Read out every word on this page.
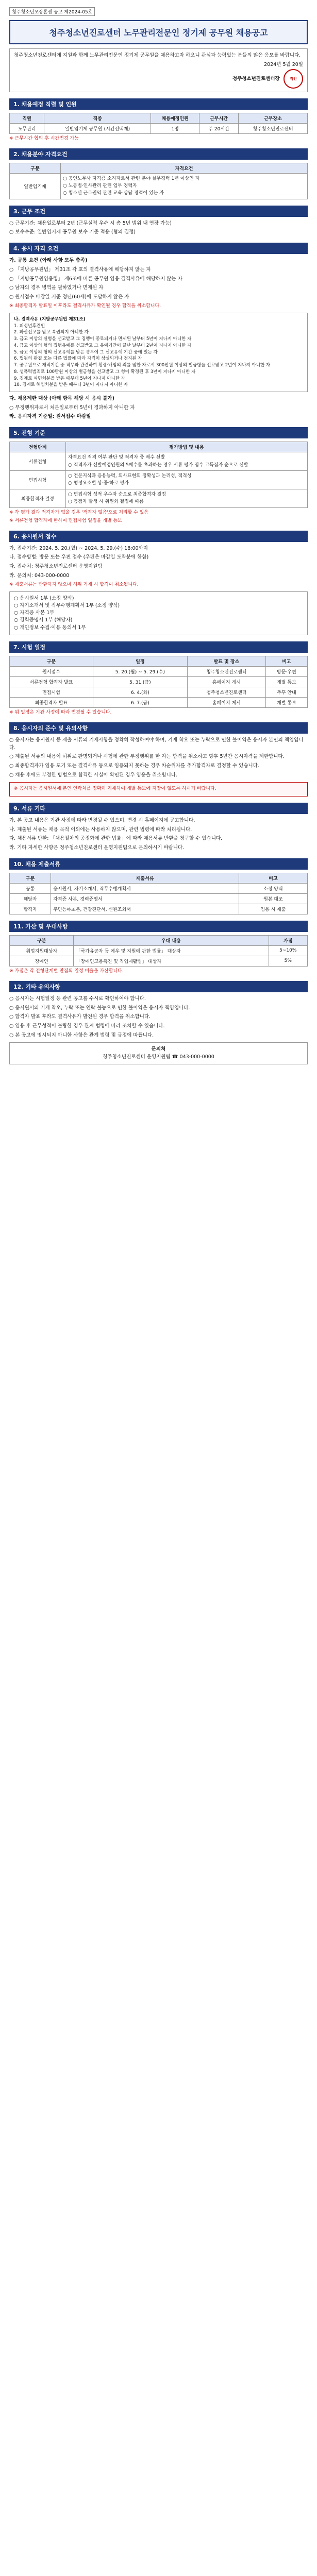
청주청소년오장론센 공고 제2024-05호
청주청소년진로센터 노무관리전문인 정기제 공무원 채용공고
청주청소년진로센터에 지원과 함께 노무관리전문인 정기제 공무원을 채용하고자 하오니 관심과 능력있는 분들의 많은 응모를 바랍니다.
2024년 5월 20일
청주청소년진로센터장	직인
1. 채용예정 직렬 및 인원
직렬	직종	채용예정인원	근무시간	근무장소
노무관리	일반임기제 공무원 (시간선택제)	1명	주 20시간	청주청소년진로센터
※ 근무시간 협의 후 시간변경 가능
2. 채용분야 자격요건
구분	자격요건
일반임기제	○ 공인노무사 자격증 소지자로서 관련 분야 실무경력 1년 이상인 자
○ 노동법·인사관리 관련 업무 경력자
○ 청소년 근로권익 관련 교육·상담 경력이 있는 자
3. 근무 조건
○ 근무기간: 채용일로부터 2년 (근무실적 우수 시 총 5년 범위 내 연장 가능)
○ 보수수준: 일반임기제 공무원 보수 기준 적용 (협의 결정)
4. 응시 자격 요건
가. 공통 요건 (아래 사항 모두 충족)
○ 「지방공무원법」 제31조 각 호의 결격사유에 해당하지 않는 자
○ 「지방공무원임용령」 제6조에 따른 공무원 임용 결격사유에 해당하지 않는 자
○ 남자의 경우 병역을 필하였거나 면제된 자
○ 원서접수 마감일 기준 정년(60세)에 도달하지 않은 자
※ 최종합격자 발표일 이후라도 결격사유가 확인될 경우 합격을 취소합니다.
나. 결격사유 (지방공무원법 제31조)
1. 피성년후견인
2. 파산선고를 받고 복권되지 아니한 자
3. 금고 이상의 실형을 선고받고 그 집행이 종료되거나 면제된 날부터 5년이 지나지 아니한 자
4. 금고 이상의 형의 집행유예를 선고받고 그 유예기간이 끝난 날부터 2년이 지나지 아니한 자
5. 금고 이상의 형의 선고유예를 받은 경우에 그 선고유예 기간 중에 있는 자
6. 법원의 판결 또는 다른 법률에 따라 자격이 상실되거나 정지된 자
7. 공무원으로 재직기간 중 직무와 관련하여 횡령·배임의 죄를 범한 자로서 300만원 이상의 벌금형을 선고받고 2년이 지나지 아니한 자
8. 성폭력범죄로 100만원 이상의 벌금형을 선고받고 그 형이 확정된 후 3년이 지나지 아니한 자
9. 징계로 파면처분을 받은 때부터 5년이 지나지 아니한 자
10. 징계로 해임처분을 받은 때부터 3년이 지나지 아니한 자
다. 채용제한 대상 (아래 항목 해당 시 응시 불가)
○ 부정행위자로서 처분일로부터 5년이 경과하지 아니한 자
라. 응시자격 기준일: 원서접수 마감일
5. 전형 기준
전형단계	평가방법 및 내용
서류전형	자격요건 적격 여부 판단 및 적격자 중 배수 선발
○ 적격자가 선발예정인원의 5배수를 초과하는 경우 서류 평가 점수 고득점자 순으로 선발
면접시험	○ 전문지식과 응용능력, 의사표현의 정확성과 논리성, 적격성
○ 평정요소별 상·중·하로 평가
최종합격자 결정	○ 면접시험 성적 우수자 순으로 최종합격자 결정
○ 동점자 발생 시 위원회 결정에 따름
※ 각 평가 결과 적격자가 없을 경우 '적격자 없음'으로 처리할 수 있음
※ 서류전형 합격자에 한하여 면접시험 일정을 개별 통보
6. 응시원서 접수
가. 접수기간: 2024. 5. 20.(월) ~ 2024. 5. 29.(수) 18:00까지
나. 접수방법: 방문 또는 우편 접수 (우편은 마감일 도착분에 한함)
다. 접수처: 청주청소년진로센터 운영지원팀
라. 문의처: 043-000-0000
※ 제출서류는 반환하지 않으며 허위 기재 시 합격이 취소됩니다.
○ 응시원서 1부 (소정 양식)
○ 자기소개서 및 직무수행계획서 1부 (소정 양식)
○ 자격증 사본 1부
○ 경력증명서 1부 (해당자)
○ 개인정보 수집·이용 동의서 1부
7. 시험 일정
구분	일정	발표 및 장소	비고
원서접수	5. 20.(월) ~ 5. 29.(수)	청주청소년진로센터	방문·우편
서류전형 합격자 발표	5. 31.(금)	홈페이지 게시	개별 통보
면접시험	6. 4.(화)	청주청소년진로센터	추후 안내
최종합격자 발표	6. 7.(금)	홈페이지 게시	개별 통보
※ 위 일정은 기관 사정에 따라 변경될 수 있습니다.
8. 응시자의 준수 및 유의사항
○ 응시자는 응시원서 등 제출 서류의 기재사항을 정확히 작성하여야 하며, 기재 착오 또는 누락으로 인한 불이익은 응시자 본인의 책임입니다.
○ 제출된 서류의 내용이 허위로 판명되거나 시험에 관한 부정행위를 한 자는 합격을 취소하고 향후 5년간 응시자격을 제한합니다.
○ 최종합격자가 임용 포기 또는 결격사유 등으로 임용되지 못하는 경우 차순위자를 추가합격자로 결정할 수 있습니다.
○ 채용 후에도 부정한 방법으로 합격한 사실이 확인된 경우 임용을 취소합니다.
※ 응시자는 응시원서에 본인 연락처를 정확히 기재하여 개별 통보에 지장이 없도록 하시기 바랍니다.
9. 서류 기타
가. 본 공고 내용은 기관 사정에 따라 변경될 수 있으며, 변경 시 홈페이지에 공고합니다.
나. 제출된 서류는 채용 목적 이외에는 사용하지 않으며, 관련 법령에 따라 처리됩니다.
다. 채용서류 반환: 「채용절차의 공정화에 관한 법률」에 따라 채용서류 반환을 청구할 수 있습니다.
라. 기타 자세한 사항은 청주청소년진로센터 운영지원팀으로 문의하시기 바랍니다.
10. 채용 제출서류
구분	제출서류	비고
공통	응시원서, 자기소개서, 직무수행계획서	소정 양식
해당자	자격증 사본, 경력증명서	원본 대조
합격자	주민등록초본, 건강진단서, 신원조회서	임용 시 제출
11. 가산 및 우대사항
구분	우대 내용	가점
취업지원대상자	「국가유공자 등 예우 및 지원에 관한 법률」 대상자	5~10%
장애인	「장애인고용촉진 및 직업재활법」 대상자	5%
※ 가점은 각 전형단계별 만점의 일정 비율을 가산합니다.
12. 기타 유의사항
○ 응시자는 시험일정 등 관련 공고를 수시로 확인하여야 합니다.
○ 응시원서의 기재 착오, 누락 또는 연락 불능으로 인한 불이익은 응시자 책임입니다.
○ 합격자 발표 후라도 결격사유가 발견된 경우 합격을 취소합니다.
○ 임용 후 근무성적이 불량한 경우 관계 법령에 따라 조치할 수 있습니다.
○ 본 공고에 명시되지 아니한 사항은 관계 법령 및 규정에 따릅니다.
문의처
청주청소년진로센터 운영지원팀 ☎ 043-000-0000
